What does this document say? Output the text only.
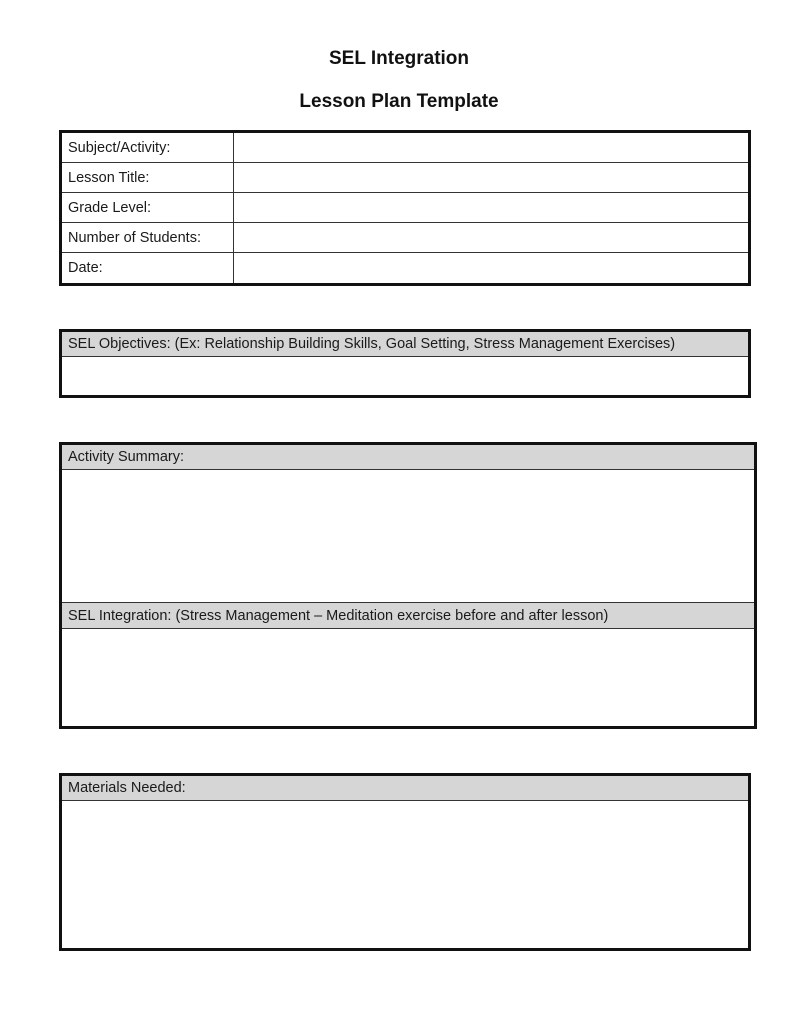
SEL Integration
Lesson Plan Template
Subject/Activity:
Lesson Title:
Grade Level:
Number of Students:
Date:
SEL Objectives: (Ex: Relationship Building Skills, Goal Setting, Stress Management Exercises)
Activity Summary:
SEL Integration: (Stress Management – Meditation exercise before and after lesson)
Materials Needed:
